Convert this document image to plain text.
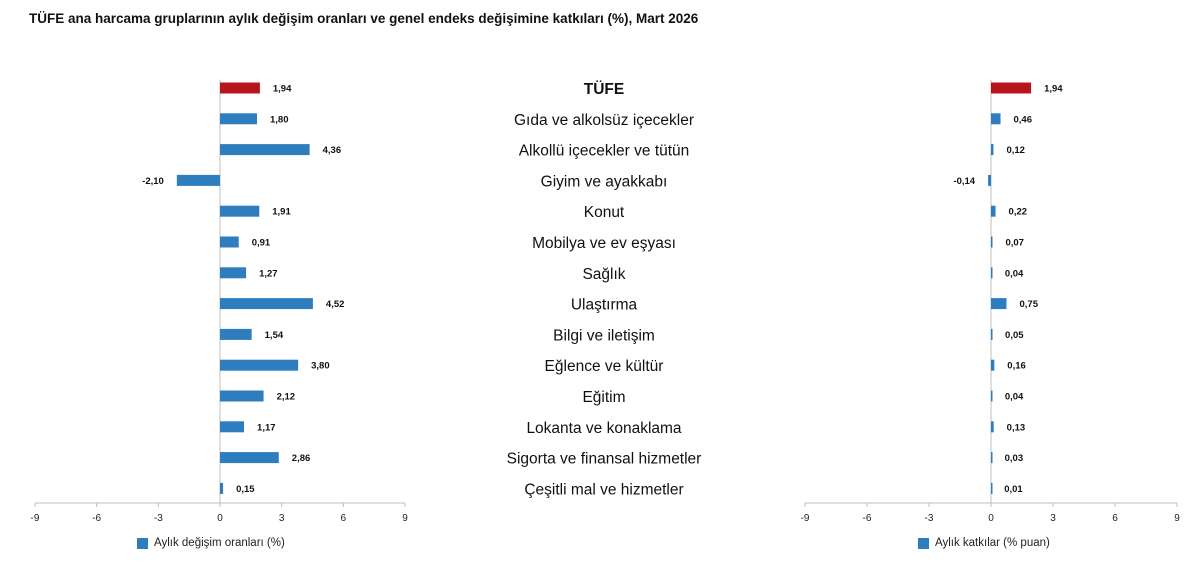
TÜFE ana harcama gruplarının aylık değişim oranları ve genel endeks değişimine katkıları (%), Mart 2026
-9	-6	-3	0	3	6	9
1,94
1,80
4,36
-2,10
1,91
0,91
1,27
4,52
1,54
3,80
2,12
1,17
2,86
0,15
-9	-6	-3	0	3	6	9
1,94
0,46
0,12
-0,14
0,22
0,07
0,04
0,75
0,05
0,16
0,04
0,13
0,03
0,01
TÜFE
Gıda ve alkolsüz içecekler
Alkollü içecekler ve tütün
Giyim ve ayakkabı
Konut
Mobilya ve ev eşyası
Sağlık
Ulaştırma
Bilgi ve iletişim
Eğlence ve kültür
Eğitim
Lokanta ve konaklama
Sigorta ve finansal hizmetler
Çeşitli mal ve hizmetler
Aylık değişim oranları (%)	Aylık katkılar (% puan)
